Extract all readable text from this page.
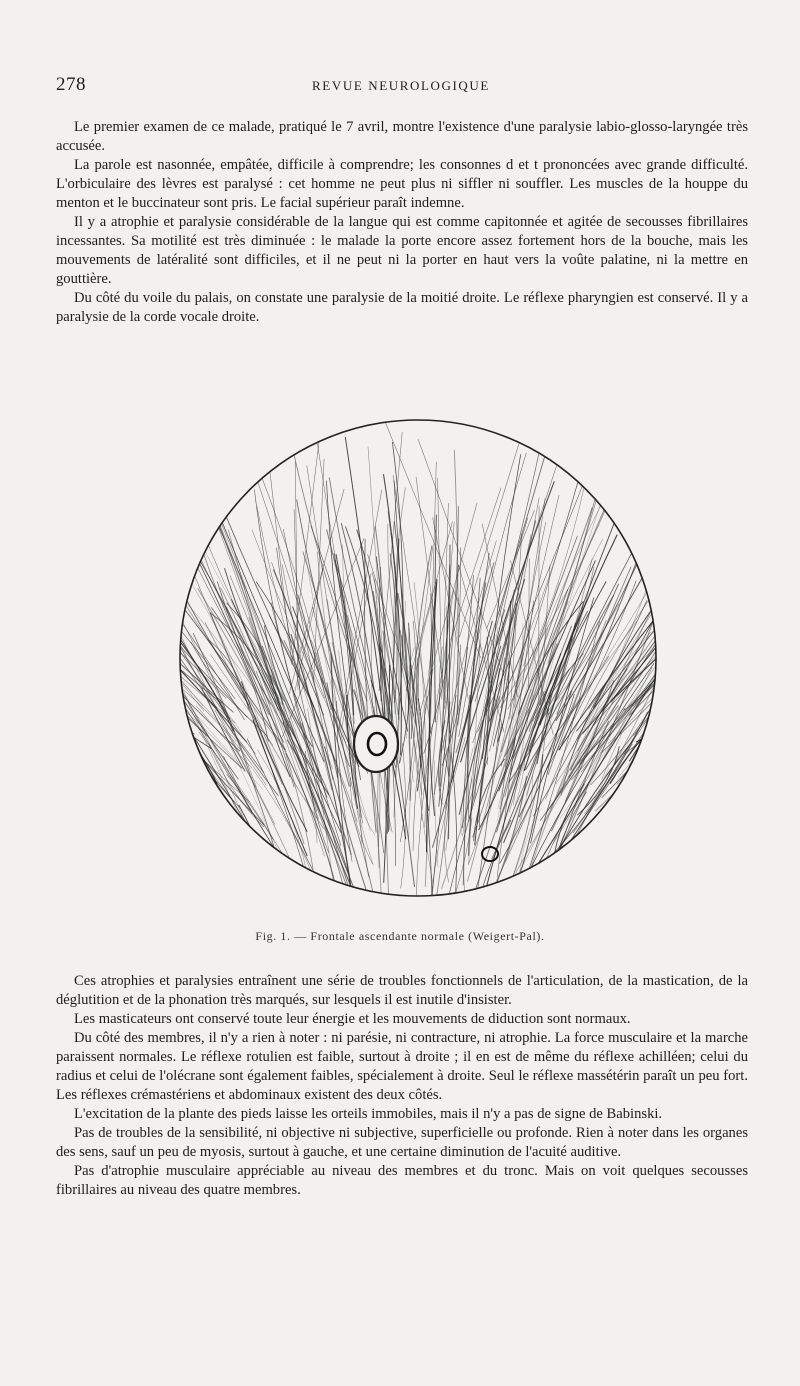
278	REVUE NEUROLOGIQUE

Le premier examen de ce malade, pratiqué le 7 avril, montre l'existence d'une paralysie labio-glosso-laryngée très accusée.

La parole est nasonnée, empâtée, difficile à comprendre; les consonnes d et t prononcées avec grande difficulté. L'orbiculaire des lèvres est paralysé : cet homme ne peut plus ni siffler ni souffler. Les muscles de la houppe du menton et le buccinateur sont pris. Le facial supérieur paraît indemne.

Il y a atrophie et paralysie considérable de la langue qui est comme capitonnée et agitée de secousses fibrillaires incessantes. Sa motilité est très diminuée : le malade la porte encore assez fortement hors de la bouche, mais les mouvements de latéralité sont difficiles, et il ne peut ni la porter en haut vers la voûte palatine, ni la mettre en gouttière.

Du côté du voile du palais, on constate une paralysie de la moitié droite. Le réflexe pharyngien est conservé. Il y a paralysie de la corde vocale droite.

Fig. 1. — Frontale ascendante normale (Weigert-Pal).

Ces atrophies et paralysies entraînent une série de troubles fonctionnels de l'articulation, de la mastication, de la déglutition et de la phonation très marqués, sur lesquels il est inutile d'insister.

Les masticateurs ont conservé toute leur énergie et les mouvements de diduction sont normaux.

Du côté des membres, il n'y a rien à noter : ni parésie, ni contracture, ni atrophie. La force musculaire et la marche paraissent normales. Le réflexe rotulien est faible, surtout à droite ; il en est de même du réflexe achilléen; celui du radius et celui de l'olécrane sont également faibles, spécialement à droite. Seul le réflexe massétérin paraît un peu fort. Les réflexes crémastériens et abdominaux existent des deux côtés.

L'excitation de la plante des pieds laisse les orteils immobiles, mais il n'y a pas de signe de Babinski.

Pas de troubles de la sensibilité, ni objective ni subjective, superficielle ou profonde. Rien à noter dans les organes des sens, sauf un peu de myosis, surtout à gauche, et une certaine diminution de l'acuité auditive.

Pas d'atrophie musculaire appréciable au niveau des membres et du tronc. Mais on voit quelques secousses fibrillaires au niveau des quatre membres.
